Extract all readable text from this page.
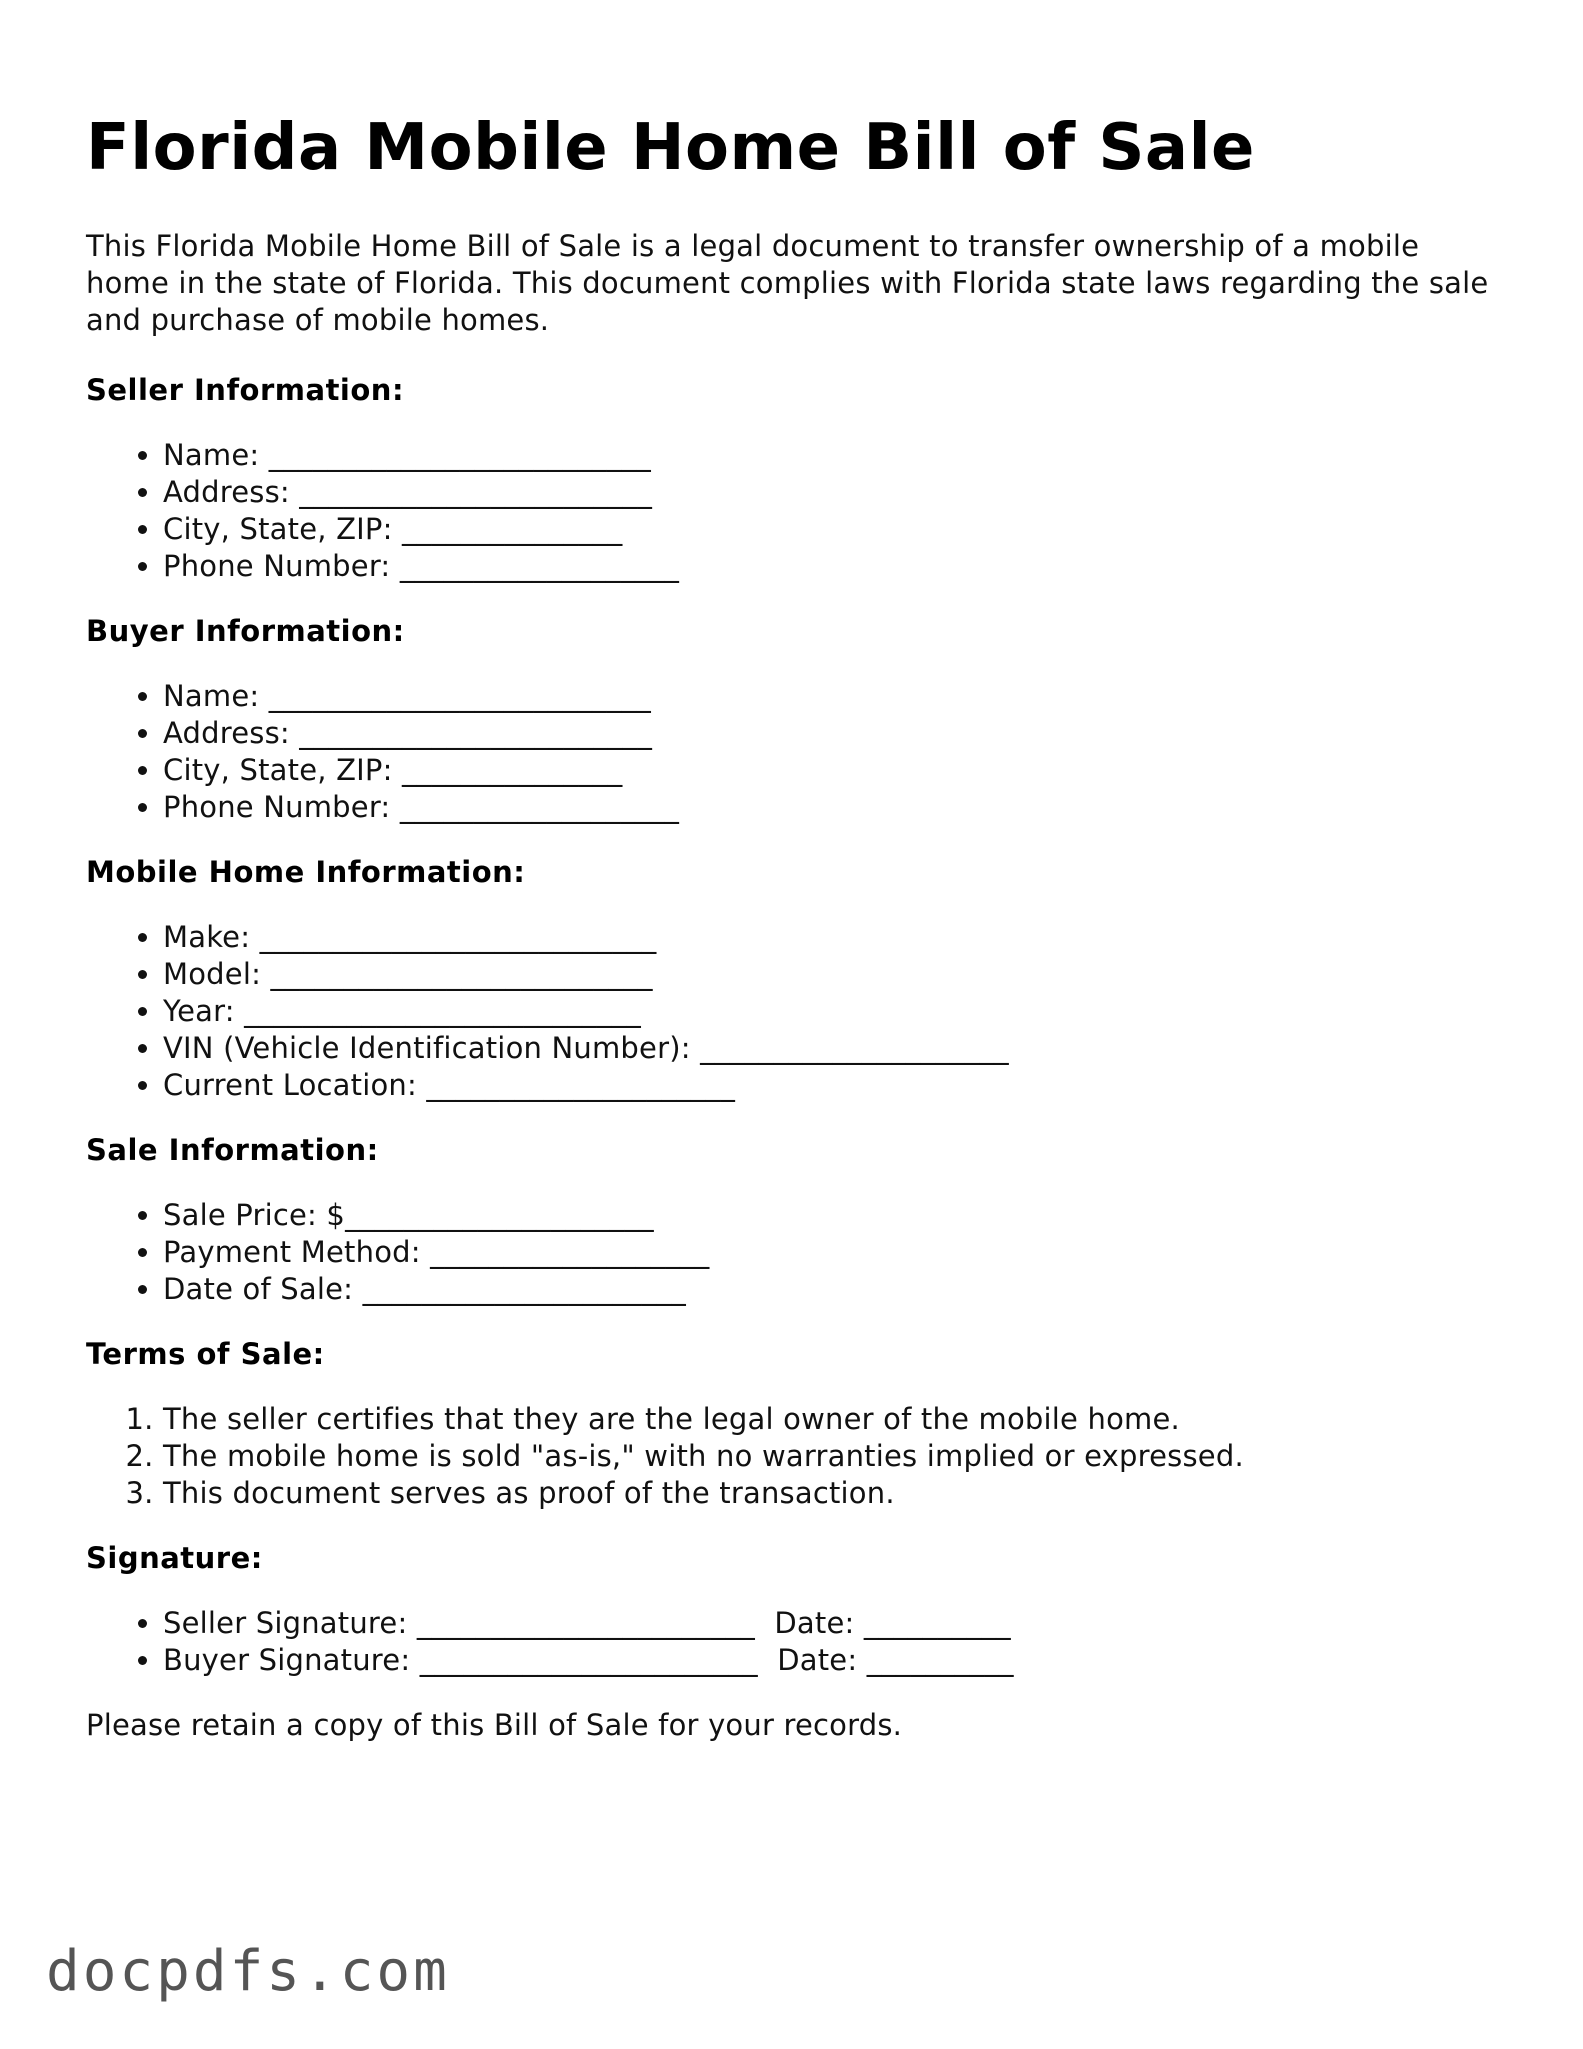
Florida Mobile Home Bill of Sale

This Florida Mobile Home Bill of Sale is a legal document to transfer ownership of a mobile home in the state of Florida. This document complies with Florida state laws regarding the sale and purchase of mobile homes.

Seller Information:
• Name: __________________________
• Address: ________________________
• City, State, ZIP: _______________
• Phone Number: ___________________
Buyer Information:
• Name: __________________________
• Address: ________________________
• City, State, ZIP: _______________
• Phone Number: ___________________
Mobile Home Information:
• Make: ___________________________
• Model: __________________________
• Year: ___________________________
• VIN (Vehicle Identification Number): _____________________
• Current Location: _____________________
Sale Information:
• Sale Price: $_____________________
• Payment Method: ___________________
• Date of Sale: ______________________
Terms of Sale:
1. The seller certifies that they are the legal owner of the mobile home.
2. The mobile home is sold "as-is," with no warranties implied or expressed.
3. This document serves as proof of the transaction.
Signature:
• Seller Signature: _______________________ Date: __________
• Buyer Signature: _______________________ Date: __________

Please retain a copy of this Bill of Sale for your records.

docpdfs.com
